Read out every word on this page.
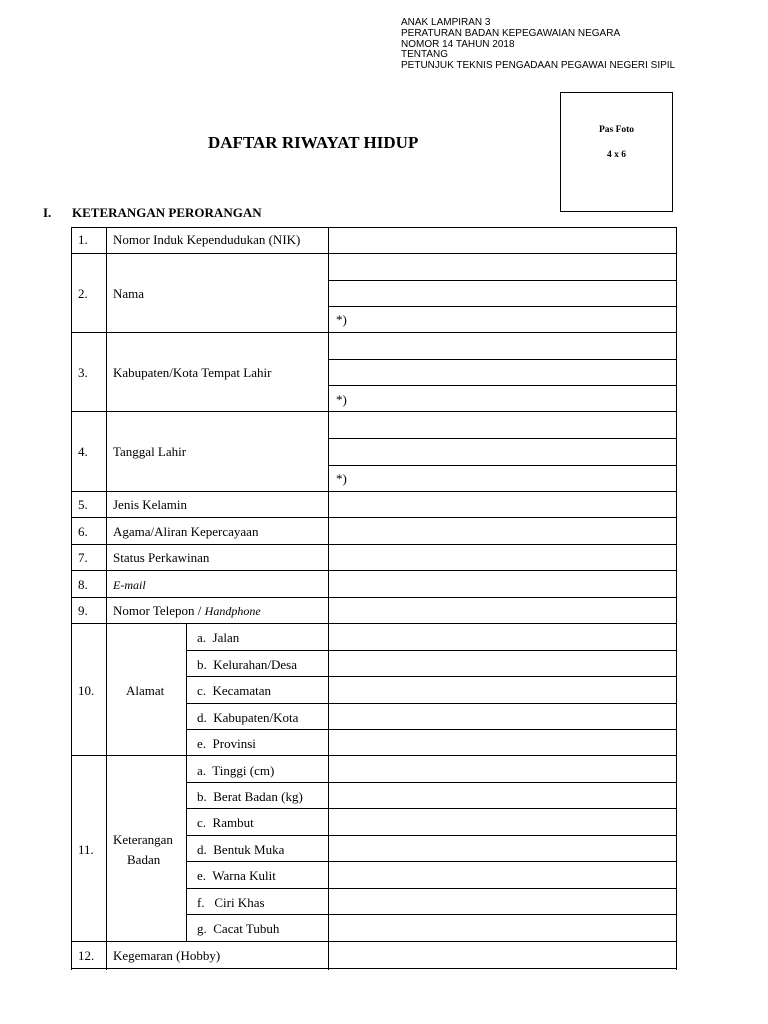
ANAK LAMPIRAN 3
PERATURAN BADAN KEPEGAWAIAN NEGARA
NOMOR 14 TAHUN 2018
TENTANG
PETUNJUK TEKNIS PENGADAAN PEGAWAI NEGERI SIPIL
Pas Foto
4 x 6
DAFTAR RIWAYAT HIDUP
I. KETERANGAN PERORANGAN
1. Nomor Induk Kependudukan (NIK)
2. Nama
*)
3. Kabupaten/Kota Tempat Lahir
*)
4. Tanggal Lahir
*)
5. Jenis Kelamin
6. Agama/Aliran Kepercayaan
7. Status Perkawinan
8. E-mail
9. Nomor Telepon / Handphone
10. Alamat
a.  Jalan
b.  Kelurahan/Desa
c.  Kecamatan
d.  Kabupaten/Kota
e.  Provinsi
11.
Keterangan
Badan
a.  Tinggi (cm)
b.  Berat Badan (kg)
c.  Rambut
d.  Bentuk Muka
e.  Warna Kulit
f.   Ciri Khas
g.  Cacat Tubuh
12. Kegemaran (Hobby)
